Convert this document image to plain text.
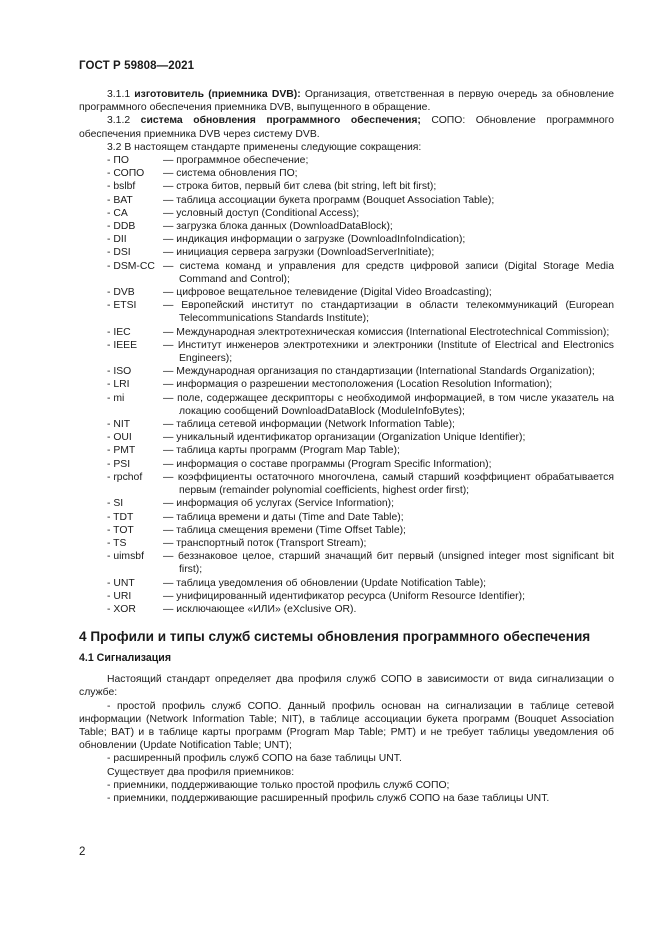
ГОСТ Р 59808—2021

3.1.1 изготовитель (приемника DVB): Организация, ответственная в первую очередь за обновление программного обеспечения приемника DVB, выпущенного в обращение.

3.1.2 система обновления программного обеспечения; СОПО: Обновление программного обеспечения приемника DVB через систему DVB.

3.2 В настоящем стандарте применены следующие сокращения:

- ПО	— программное обеспечение;
- СОПО	— система обновления ПО;
- bslbf	— строка битов, первый бит слева (bit string, left bit first);
- BAT	— таблица ассоциации букета программ (Bouquet Association Table);
- CA	— условный доступ (Conditional Access);
- DDB	— загрузка блока данных (DownloadDataBlock);
- DII	— индикация информации о загрузке (DownloadInfoIndication);
- DSI	— инициация сервера загрузки (DownloadServerInitiate);
- DSM-CC — система команд и управления для средств цифровой записи (Digital Storage Media Command and Control);
- DVB	— цифровое вещательное телевидение (Digital Video Broadcasting);
- ETSI	— Европейский институт по стандартизации в области телекоммуникаций (European Telecommunications Standards Institute);
- IEC	— Международная электротехническая комиссия (International Electrotechnical Commission);
- IEEE	— Институт инженеров электротехники и электроники (Institute of Electrical and Electronics Engineers);
- ISO	— Международная организация по стандартизации (International Standards Organization);
- LRI	— информация о разрешении местоположения (Location Resolution Information);
- mi	— поле, содержащее дескрипторы с необходимой информацией, в том числе указатель на локацию сообщений DownloadDataBlock (ModuleInfoBytes);
- NIT	— таблица сетевой информации (Network Information Table);
- OUI	— уникальный идентификатор организации (Organization Unique Identifier);
- PMT	— таблица карты программ (Program Map Table);
- PSI	— информация о составе программы (Program Specific Information);
- rpchof	— коэффициенты остаточного многочлена, самый старший коэффициент обрабатывается первым (remainder polynomial coefficients, highest order first);
- SI	— информация об услугах (Service Information);
- TDT	— таблица времени и даты (Time and Date Table);
- TOT	— таблица смещения времени (Time Offset Table);
- TS	— транспортный поток (Transport Stream);
- uimsbf	— беззнаковое целое, старший значащий бит первый (unsigned integer most significant bit first);
- UNT	— таблица уведомления об обновлении (Update Notification Table);
- URI	— унифицированный идентификатор ресурса (Uniform Resource Identifier);
- XOR	— исключающее «ИЛИ» (eXclusive OR).
4 Профили и типы служб системы обновления программного обеспечения
4.1 Сигнализация

Настоящий стандарт определяет два профиля служб СОПО в зависимости от вида сигнализации о службе:

- простой профиль служб СОПО. Данный профиль основан на сигнализации в таблице сетевой информации (Network Information Table; NIT), в таблице ассоциации букета программ (Bouquet Association Table; BAT) и в таблице карты программ (Program Map Table; PMT) и не требует таблицы уведомления об обновлении (Update Notification Table; UNT);

- расширенный профиль служб СОПО на базе таблицы UNT.

Существует два профиля приемников:

- приемники, поддерживающие только простой профиль служб СОПО;

- приемники, поддерживающие расширенный профиль служб СОПО на базе таблицы UNT.

2
